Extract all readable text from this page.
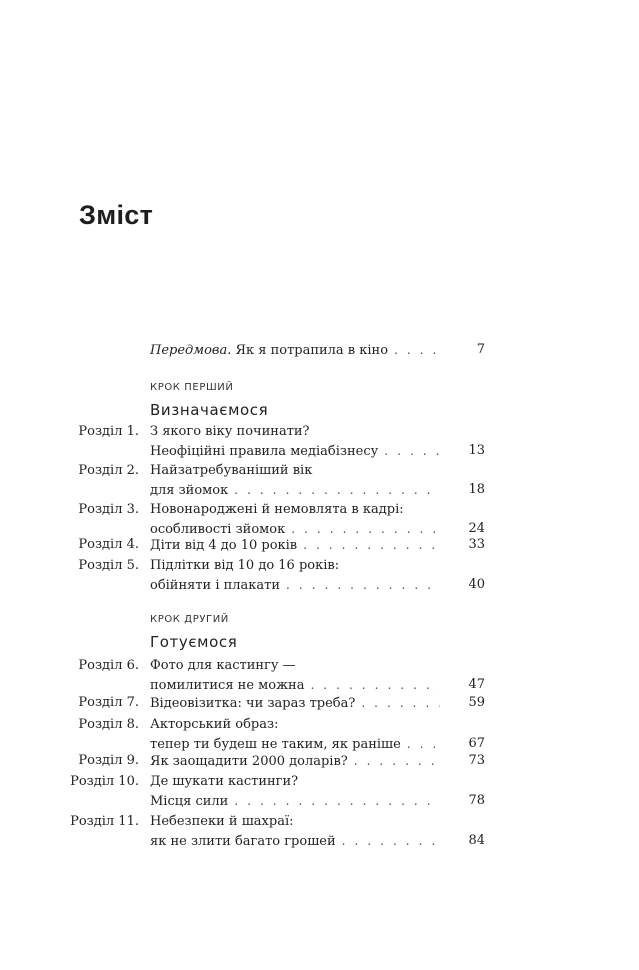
Зміст
Передмова . Як я потрапила в кіно . . .	7
КРОК ПЕРШИЙ
Визначаємося
Розділ 1. З якого віку починати?
Неофіційні правила медіабізнесу . . .	13
Розділ 2. Найзатребуваніший вік
для зйомок . . .	18
Розділ 3. Новонароджені й немовлята в кадрі:
особливості зйомок . . .	24
Розділ 4. Діти від 4 до 10 років . . .	33
Розділ 5. Підлітки від 10 до 16 років:
обійняти і плакати . . .	40
КРОК ДРУГИЙ
Готуємося
Розділ 6. Фото для кастингу —
помилитися не можна . . .	47
Розділ 7. Відеовізитка: чи зараз треба? . . .	59
Розділ 8. Акторський образ:
тепер ти будеш не таким, як раніше . . .	67
Розділ 9. Як заощадити 2000 доларів? . . .	73
Розділ 10. Де шукати кастинги?
Місця сили . . .	78
Розділ 11. Небезпеки й шахраї:
як не злити багато грошей . . .	84
